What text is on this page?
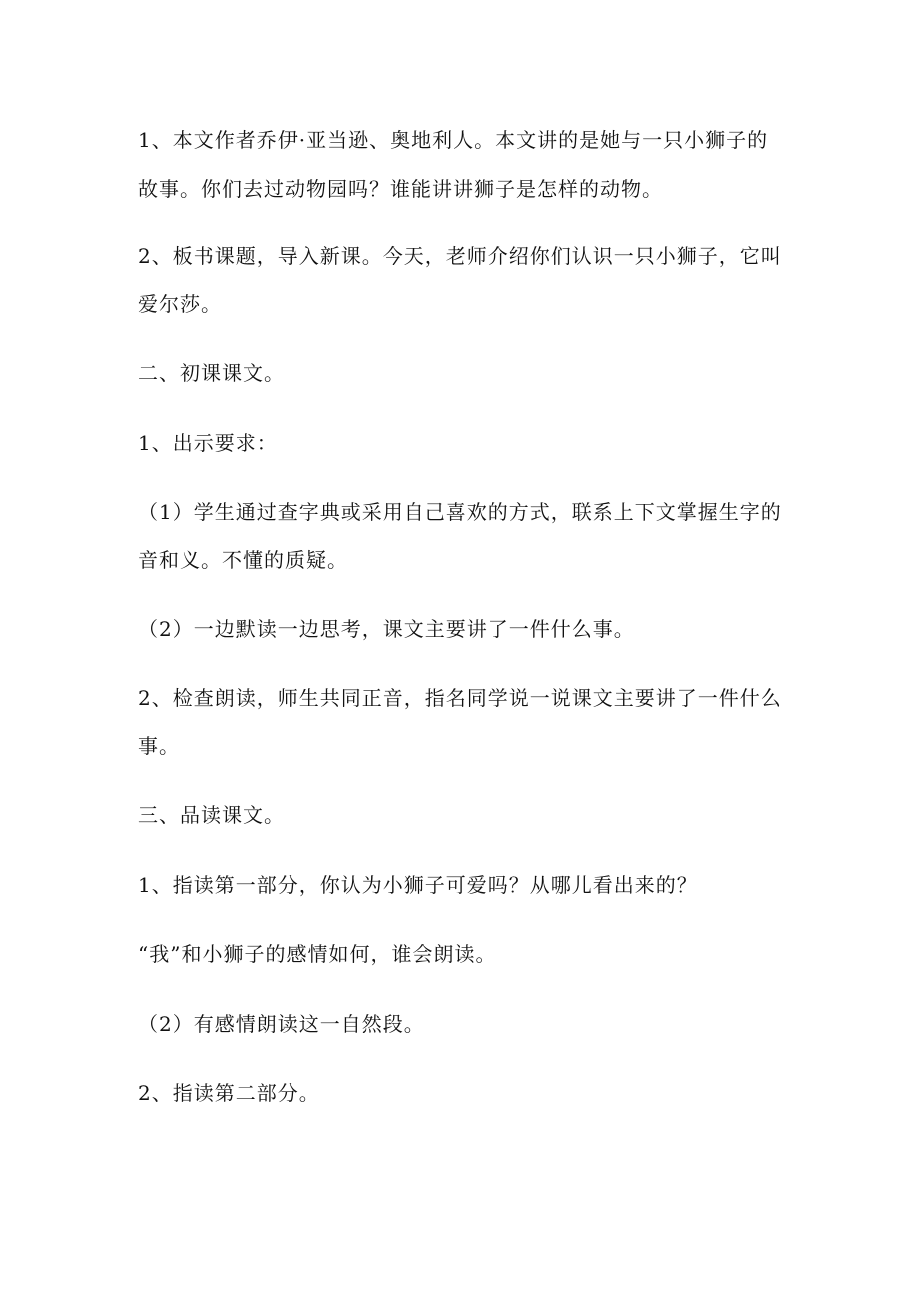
1、本文作者乔伊·亚当逊、奥地利人。本文讲的是她与一只小狮子的
故事。你们去过动物园吗？谁能讲讲狮子是怎样的动物。
2、板书课题，导入新课。今天，老师介绍你们认识一只小狮子，它叫
爱尔莎。
二、初课课文。
1、出示要求：
（1）学生通过查字典或采用自己喜欢的方式，联系上下文掌握生字的
音和义。不懂的质疑。
（2）一边默读一边思考，课文主要讲了一件什么事。
2、检查朗读，师生共同正音，指名同学说一说课文主要讲了一件什么
事。
三、品读课文。
1、指读第一部分，你认为小狮子可爱吗？从哪儿看出来的？
“我”和小狮子的感情如何，谁会朗读。
（2）有感情朗读这一自然段。
2、指读第二部分。
